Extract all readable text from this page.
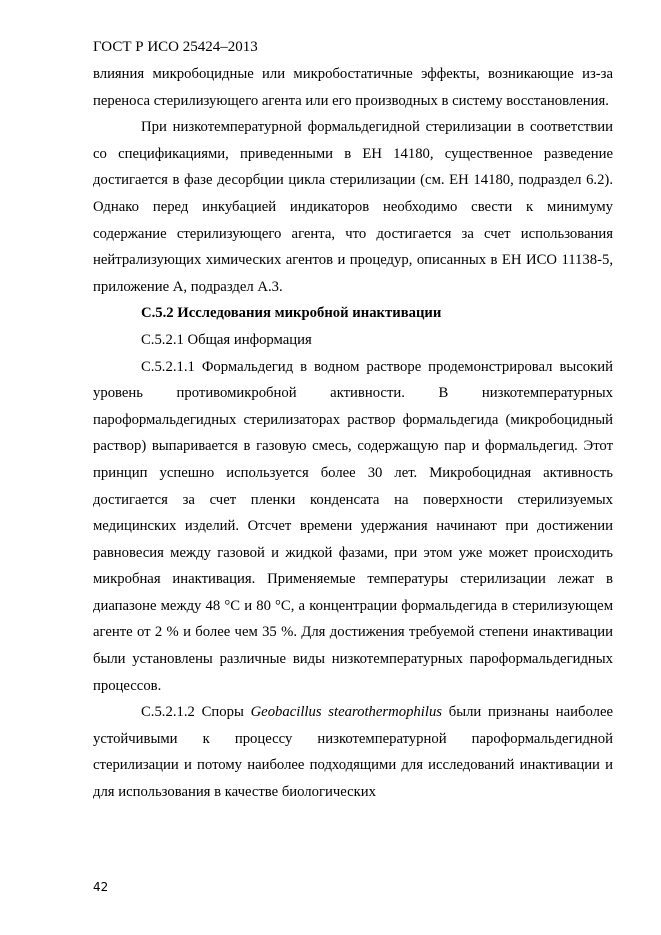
ГОСТ Р ИСО 25424–2013

влияния микробоцидные или микробостатичные эффекты, возникающие из-за переноса стерилизующего агента или его производных в систему восстановления.

При низкотемпературной формальдегидной стерилизации в соответствии со спецификациями, приведенными в ЕН 14180, существенное разведение достигается в фазе десорбции цикла стерилизации (см. ЕН 14180, подраздел 6.2). Однако перед инкубацией индикаторов необходимо свести к минимуму содержание стерилизующего агента, что достигается за счет использования нейтрализующих химических агентов и процедур, описанных в ЕН ИСО 11138-5, приложение А, подраздел А.3.

С.5.2 Исследования микробной инактивации

С.5.2.1 Общая информация

С.5.2.1.1 Формальдегид в водном растворе продемонстрировал высокий уровень противомикробной активности. В низкотемпературных пароформальдегидных стерилизаторах раствор формальдегида (микробоцидный раствор) выпаривается в газовую смесь, содержащую пар и формальдегид. Этот принцип успешно используется более 30 лет. Микробоцидная активность достигается за счет пленки конденсата на поверхности стерилизуемых медицинских изделий. Отсчет времени удержания начинают при достижении равновесия между газовой и жидкой фазами, при этом уже может происходить микробная инактивация. Применяемые температуры стерилизации лежат в диапазоне между 48 °С и 80 °С, а концентрации формальдегида в стерилизующем агенте от 2 % и более чем 35 %. Для достижения требуемой степени инактивации были установлены различные виды низкотемпературных пароформальдегидных процессов.

С.5.2.1.2 Споры Geobacillus stearothermophilus были признаны наиболее устойчивыми к процессу низкотемпературной пароформальдегидной стерилизации и потому наиболее подходящими для исследований инактивации и для использования в качестве биологических

42
